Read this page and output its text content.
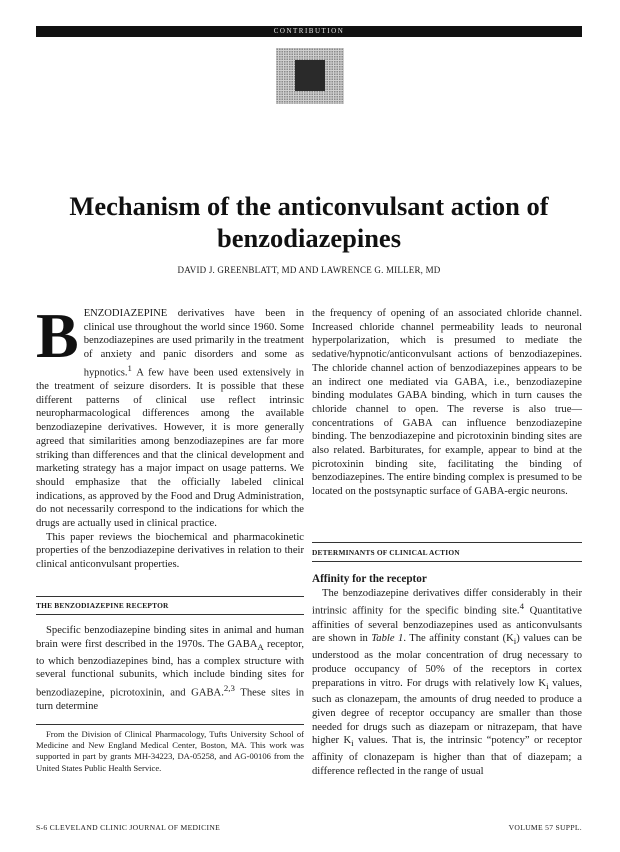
CONTRIBUTION
Mechanism of the anticonvulsant action of benzodiazepines
DAVID J. GREENBLATT, MD AND LAWRENCE G. MILLER, MD

BENZODIAZEPINE derivatives have been in clinical use throughout the world since 1960. Some benzodiazepines are used primarily in the treatment of anxiety and panic disorders and some as hypnotics.$^1$ A few have been used extensively in the treatment of seizure disorders. It is possible that these different patterns of clinical use reflect intrinsic neuropharmacological differences among the available benzodiazepine derivatives. However, it is more generally agreed that similarities among benzodiazepines are far more striking than differences and that the clinical development and marketing strategy has a major impact on usage patterns. We should emphasize that the officially labeled clinical indications, as approved by the Food and Drug Administration, do not necessarily correspond to the indications for which the drugs are actually used in clinical practice.

This paper reviews the biochemical and pharmacokinetic properties of the benzodiazepine derivatives in relation to their clinical anticonvulsant properties.

THE BENZODIAZEPINE RECEPTOR

Specific benzodiazepine binding sites in animal and human brain were first described in the 1970s. The $GABA_A$ receptor, to which benzodiazepines bind, has a complex structure with several functional subunits, which include binding sites for benzodiazepine, picrotoxinin, and GABA.$^{2,3}$ These sites in turn determine

From the Division of Clinical Pharmacology, Tufts University School of Medicine and New England Medical Center, Boston, MA. This work was supported in part by grants MH-34223, DA-05258, and AG-00106 from the United States Public Health Service.

the frequency of opening of an associated chloride channel. Increased chloride channel permeability leads to neuronal hyperpolarization, which is presumed to mediate the sedative/hypnotic/anticonvulsant actions of benzodiazepines. The chloride channel action of benzodiazepines appears to be an indirect one mediated via GABA, i.e., benzodiazepine binding modulates GABA binding, which in turn causes the chloride channel to open. The reverse is also true—concentrations of GABA can influence benzodiazepine binding. The benzodiazepine and picrotoxinin binding sites are also related. Barbiturates, for example, appear to bind at the picrotoxinin binding site, facilitating the binding of benzodiazepines. The entire binding complex is presumed to be located on the postsynaptic surface of GABA-ergic neurons.

DETERMINANTS OF CLINICAL ACTION
Affinity for the receptor

The benzodiazepine derivatives differ considerably in their intrinsic affinity for the specific binding site.$^4$ Quantitative affinities of several benzodiazepines used as anticonvulsants are shown in Table 1. The affinity constant $(K_i)$ values can be understood as the molar concentration of drug necessary to produce occupancy of 50% of the receptors in cortex preparations in vitro. For drugs with relatively low $K_i$ values, such as clonazepam, the amounts of drug needed to produce a given degree of receptor occupancy are smaller than those needed for drugs such as diazepam or nitrazepam, that have higher $K_i$ values. That is, the intrinsic “potency” or receptor affinity of clonazepam is higher than that of diazepam; a difference reflected in the range of usual

S-6 CLEVELAND CLINIC JOURNAL OF MEDICINE	VOLUME 57 SUPPL.
